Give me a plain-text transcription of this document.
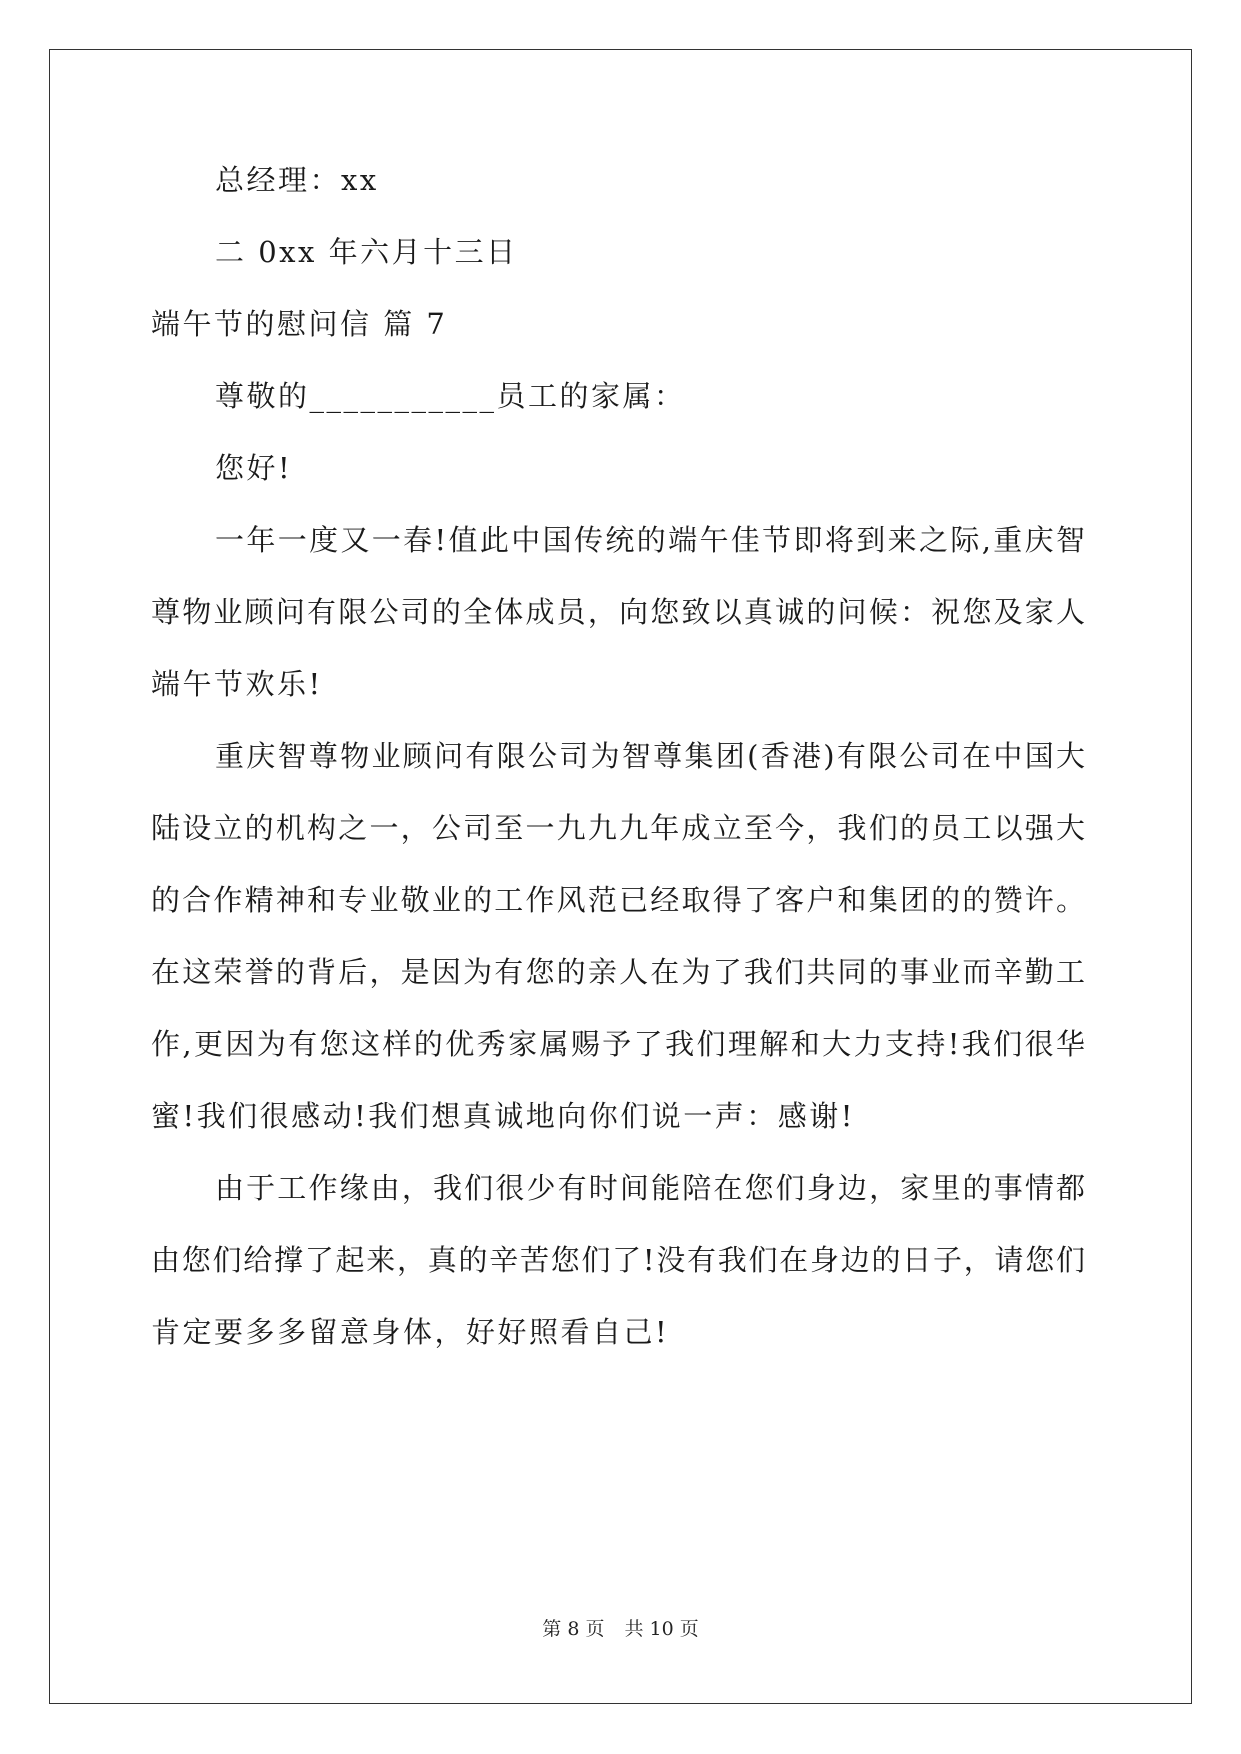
总经理：xx
二 0xx 年六月十三日
端午节的慰问信 篇 7
尊敬的___________员工的家属：
您好!
一年一度又一春!值此中国传统的端午佳节即将到来之际,重庆智
尊物业顾问有限公司的全体成员，向您致以真诚的问候：祝您及家人
端午节欢乐!
重庆智尊物业顾问有限公司为智尊集团(香港)有限公司在中国大
陆设立的机构之一，公司至一九九九年成立至今，我们的员工以强大
的合作精神和专业敬业的工作风范已经取得了客户和集团的的赞许。
在这荣誉的背后，是因为有您的亲人在为了我们共同的事业而辛勤工
作,更因为有您这样的优秀家属赐予了我们理解和大力支持!我们很华
蜜!我们很感动!我们想真诚地向你们说一声：感谢!
由于工作缘由，我们很少有时间能陪在您们身边，家里的事情都
由您们给撑了起来，真的辛苦您们了!没有我们在身边的日子，请您们
肯定要多多留意身体，好好照看自己!
第 8 页 共 10 页
